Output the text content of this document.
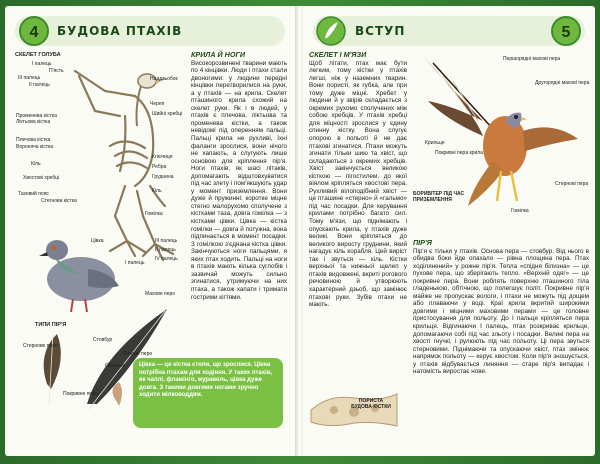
4	БУДОВА ПТАХІВ
СКЕЛЕТ ГОЛУБА
I палець
П'ясть
III палець
II палець
Променева кістка
Ліктьова кістка
Плечова кістка
Вороняча кістка
Кіль
Хвостові хребці
Тазовий пояс
Стегнова кістка
Наддзьобок
Череп
Шийні хребці
Ключиця
Ребра
Груднина
Кіль
Гомілка
Цівка	III палець
II палець
IV палець
I палець
ТИПИ ПІР'Я
Махове перо
Стернове перо
Стовбур
Пухове перо
Опахало
Покривне перо
КРИЛА Й НОГИ
Високорозвинені тварини мають по 4 кінцівки. Люди і птахи стали двоногими: у людини передні кінцівки перетворилися на руки, а у птахів — на крила. Скелет пташиного крила схожий на скелет руки. Як і в людей, у птахів є плечова, ліктьова та променева кістки, а також невідомі під оперенням пальці. Пальці крила не рухливі, їхні фаланги зрослися, вони нічого не хапають, а слугують лише основою для кріплення пір'я. Ноги птахів, як шасі літаків, допомагають відштовхуватися під час злету і пом'якшують удар у момент приземлення. Вони дуже й пружинні: коротке міцне стегно малорухомо сполучене з кістками таза, довга гомілка — з кістками цівки. Цівка — кістка гомілки — довга й потужна, вона підпинається в момент посадки. З гомілкою з'єднана кістка цівки. Закінчуються ноги пальцями, я яких птах ходить. Пальці на ноги в птахів мають кілька суглобів і зазвичай можуть сильно згинатися, утримуючи на них птаха, а також хапати і тримати гострими кігтями.
Цівка — це кістка стопи, що зрослися. Цівка потрібна птахам для ходіння. У таких птахів, як чаплі, фламінго, журавель, цівка дуже довга. З такими довгими ногами зручно ходити мілководдям.
ВСТУП	5
СКЕЛЕТ І М'ЯЗИ
Щоб літати, птах має бути легким, тому кістки у птахів легші, ніж у наземних тварин. Вони пористі, як губка, але при тому дуже міцні. Хребет у людини й у звірів складається з окремих рухомо сполучених між собою хребців. У птахів хребці для міцності зрослися у єдину спинну кістку. Вона слугує опорою в польоті й не дає птахові згинатися. Птахи можуть згинати тільки шию та хвіст, що складаються з окремих хребців. Хвіст закінчується великою кісткою — пігостилем, до якої віялом кріпляться хвостові пера. Рухливий вілоподібний хвіст — це пташине «стерно» й «гальмо» під час посадки. Для керування крилами потрібно багато сил. Тому м'язи, що піднімають і опускають крила, у птахів дуже великі. Вони кріпляться до великого виросту груднини, який нагадує кіль корабля. Цей виріст так і звуться — кіль. Кістки верхньої та нижньої щелеп у птахів видовжені, вкриті рогового речовиною й утворюють характерний дзьоб, що замінює птахові руки. Зубів птахи не мають.
Першорядні махові пера
Другорядні махові пера
Крильце
Покривні пера крила
Стернові пера
Гомілка
БОРИВІТЕР ПІД ЧАС ПРИЗЕМЛЕННЯ
ПІР'Я
Пір'я є тільки у птахів. Основа пера — стовбур. Від нього в обидва боки йде опахало — рівна площина пера. Птах ходілянений» у рожне пір'я. Тепла «спідня білизна» — це пухове пера, що зберігають тепло. «Верхній одяг» — це покривне пера. Вони роблять поверхню пташиного тіла гладенькою, обтічною, що полегшує політ. Покривне пір'я майже не пропускає вологи, і птахи не можуть під дощем або плаваючи у воді. Краї крила вкритий широкими довгими і міцними маховими перами — це головне пристосування для польоту. До I пальця кріпляться пера крильця. Відгинаючи I палець, птах розкриває крильце, допомагаючи собі під час зльоту і посадки. Великі пера на хвості гнучкі, і рулюють під час польоту. Ці пера звуться стерновими. Піднімаючи та опускаючи хвіст, птах змінює напрямок польоту — керує хвостом. Коли пір'я зношується, у птахів відбувається линяння — старе пір'я випадає і натомість виростає нове.
ПОРИСТА БУДОВА КІСТКИ
